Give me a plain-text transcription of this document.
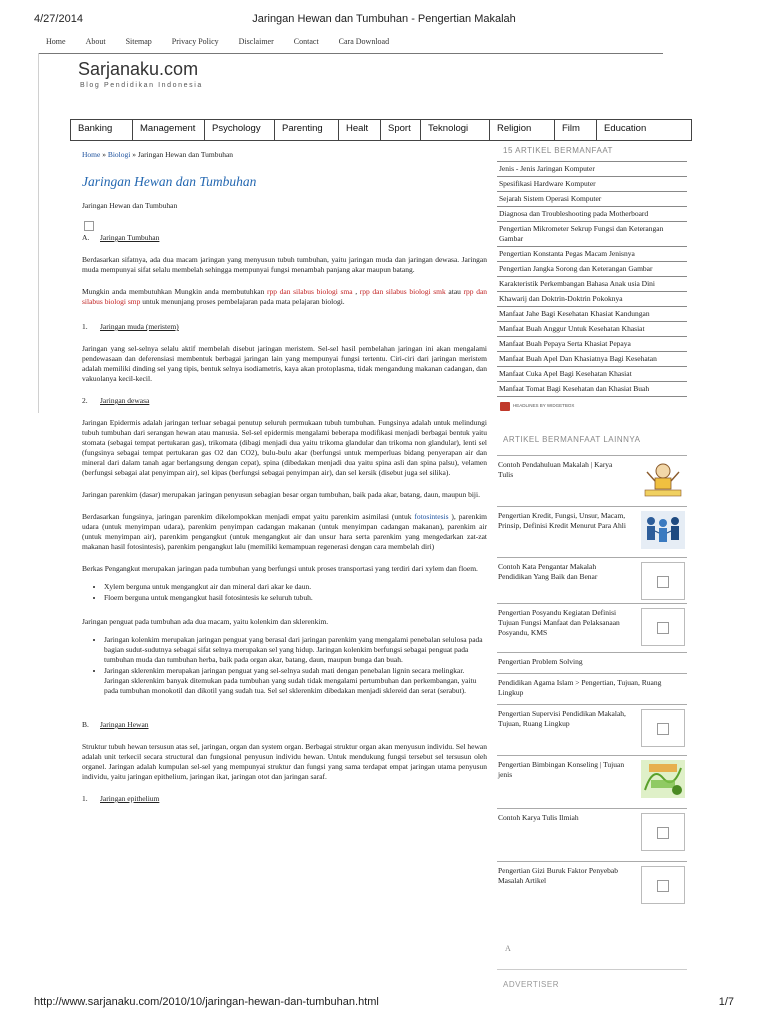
4/27/2014	Jaringan Hewan dan Tumbuhan - Pengertian Makalah
Home	About	Sitemap	Privacy Policy	Disclaimer	Contact	Cara Download
Sarjanaku.com
Blog Pendidikan Indonesia
Banking	Management	Psychology	Parenting	Healt	Sport	Teknologi	Religion	Film	Education
Home » Biologi » Jaringan Hewan dan Tumbuhan
Jaringan Hewan dan Tumbuhan
Jaringan Hewan dan Tumbuhan
A. Jaringan Tumbuhan

Berdasarkan sifatnya, ada dua macam jaringan yang menyusun tubuh tumbuhan, yaitu jaringan muda dan jaringan dewasa. Jaringan muda mempunyai sifat selalu membelah sehingga mempunyai fungsi menambah panjang akar maupun batang.

Mungkin anda membutuhkan Mungkin anda membutuhkan rpp dan silabus biologi sma , rpp dan silabus biologi smk atau rpp dan silabus biologi smp untuk menunjang proses pembelajaran pada mata pelajaran biologi.

1. Jaringan muda (meristem)

Jaringan yang sel-selnya selalu aktif membelah disebut jaringan meristem. Sel-sel hasil pembelahan jaringan ini akan mengalami pendewasaan dan deferensiasi membentuk berbagai jaringan lain yang mempunyai fungsi tertentu. Ciri-ciri dari jaringan meristem adalah memiliki dinding sel yang tipis, bentuk selnya isodiametris, kaya akan protoplasma, tidak mengandung makanan cadangan, dan vakuolanya kecil-kecil.

2. Jaringan dewasa

Jaringan Epidermis adalah jaringan terluar sebagai penutup seluruh permukaan tubuh tumbuhan. Fungsinya adalah untuk melindungi tubuh tumbuhan dari serangan hewan atau manusia. Sel-sel epidermis mengalami beberapa modifikasi menjadi berbagai bentuk yaitu stomata (sebagai tempat pertukaran gas), trikomata (dibagi menjadi dua yaitu trikoma glandular dan trikoma non glandular), lenti sel (fungsinya sebagai tempat pertukaran gas O2 dan CO2), bulu-bulu akar (berfungsi untuk memperluas bidang penyerapan air dan mineral dari dalam tanah agar berlangsung dengan cepat), spina (dibedakan menjadi dua yaitu spina asli dan spina palsu), velamen (berfungsi sebagai alat penyimpan air), sel kipas (berfungsi sebagai penyimpan air), dan sel kersik (disebut juga sel silika).

Jaringan parenkim (dasar) merupakan jaringan penyusun sebagian besar organ tumbuhan, baik pada akar, batang, daun, maupun biji.

Berdasarkan fungsinya, jaringan parenkim dikelompokkan menjadi empat yaitu parenkim asimilasi (untuk fotosintesis ), parenkim udara (untuk menyimpan udara), parenkim penyimpan cadangan makanan (untuk menyimpan cadangan makanan), parenkim air (untuk menyimpan air), parenkim pengangkut (untuk mengangkut air dan unsur hara serta parenkim yang mengedarkan zat-zat makanan hasil fotosintesis), parenkim pengangkut lalu (memiliki kemampuan regenerasi dengan cara membelah diri)

Berkas Pengangkut merupakan jaringan pada tumbuhan yang berfungsi untuk proses transportasi yang terdiri dari xylem dan floem.

• Xylem berguna untuk mengangkut air dan mineral dari akar ke daun.
• Floem berguna untuk mengangkut hasil fotosintesis ke seluruh tubuh.

Jaringan penguat pada tumbuhan ada dua macam, yaitu kolenkim dan sklerenkim.

• Jaringan kolenkim merupakan jaringan penguat yang berasal dari jaringan parenkim yang mengalami penebalan selulosa pada bagian sudut-sudutnya sebagai sifat selnya merupakan sel yang hidup. Jaringan kolenkim berfungsi sebagai penguat pada tumbuhan muda dan tumbuhan herba, baik pada organ akar, batang, daun, maupun bunga dan buah.
• Jaringan sklerenkim merupakan jaringan penguat yang sel-selnya sudah mati dengan penebalan lignin secara melingkar. Jaringan sklerenkim banyak ditemukan pada tumbuhan yang sudah tidak mengalami pertumbuhan dan perkembangan, yaitu pada tumbuhan monokotil dan dikotil yang sudah tua. Sel sel sklerenkim dibedakan menjadi sklereid dan serat (serabut).
B. Jaringan Hewan

Struktur tubuh hewan tersusun atas sel, jaringan, organ dan system organ. Berbagai struktur organ akan menyusun individu. Sel hewan adalah unit terkecil secara structural dan fungsional penyusun individu hewan. Untuk mendukung fungsi tersebut sel tersusun oleh organel. Jaringan adalah kumpulan sel-sel yang mempunyai struktur dan fungsi yang sama terdapat empat jaringan utama penyusun individu, yaitu jaringan epithelium, jaringan ikat, jaringan otot dan jaringan saraf.

1. Jaringan epithelium
15 ARTIKEL BERMANFAAT
Jenis - Jenis Jaringan Komputer
Spesifikasi Hardware Komputer
Sejarah Sistem Operasi Komputer
Diagnosa dan Troubleshooting pada Motherboard
Pengertian Mikrometer Sekrup Fungsi dan Keterangan Gambar
Pengertian Konstanta Pegas Macam Jenisnya
Pengertian Jangka Sorong dan Keterangan Gambar
Karakteristik Perkembangan Bahasa Anak usia Dini
Khawarij dan Doktrin-Doktrin Pokoknya
Manfaat Jahe Bagi Kesehatan Khasiat Kandungan
Manfaat Buah Anggur Untuk Kesehatan Khasiat
Manfaat Buah Pepaya Serta Khasiat Pepaya
Manfaat Buah Apel Dan Khasiatnya Bagi Kesehatan
Manfaat Cuka Apel Bagi Kesehatan Khasiat
Manfaat Tomat Bagi Kesehatan dan Khasiat Buah
HEADLINES BY WIDGETBOX
ARTIKEL BERMANFAAT LAINNYA
Contoh Pendahuluan Makalah | Karya Tulis
Pengertian Kredit, Fungsi, Unsur, Macam, Prinsip, Definisi Kredit Menurut Para Ahli
Contoh Kata Pengantar Makalah Pendidikan Yang Baik dan Benar
Pengertian Posyandu Kegiatan Definisi Tujuan Fungsi Manfaat dan Pelaksanaan Posyandu, KMS
Pengertian Problem Solving
Pendidikan Agama Islam > Pengertian, Tujuan, Ruang Lingkup
Pengertian Supervisi Pendidikan Makalah, Tujuan, Ruang Lingkup
Pengertian Bimbingan Konseling | Tujuan jenis
Contoh Karya Tulis Ilmiah
Pengertian Gizi Buruk Faktor Penyebab Masalah Artikel
A
ADVERTISER
http://www.sarjanaku.com/2010/10/jaringan-hewan-dan-tumbuhan.html	1/7
